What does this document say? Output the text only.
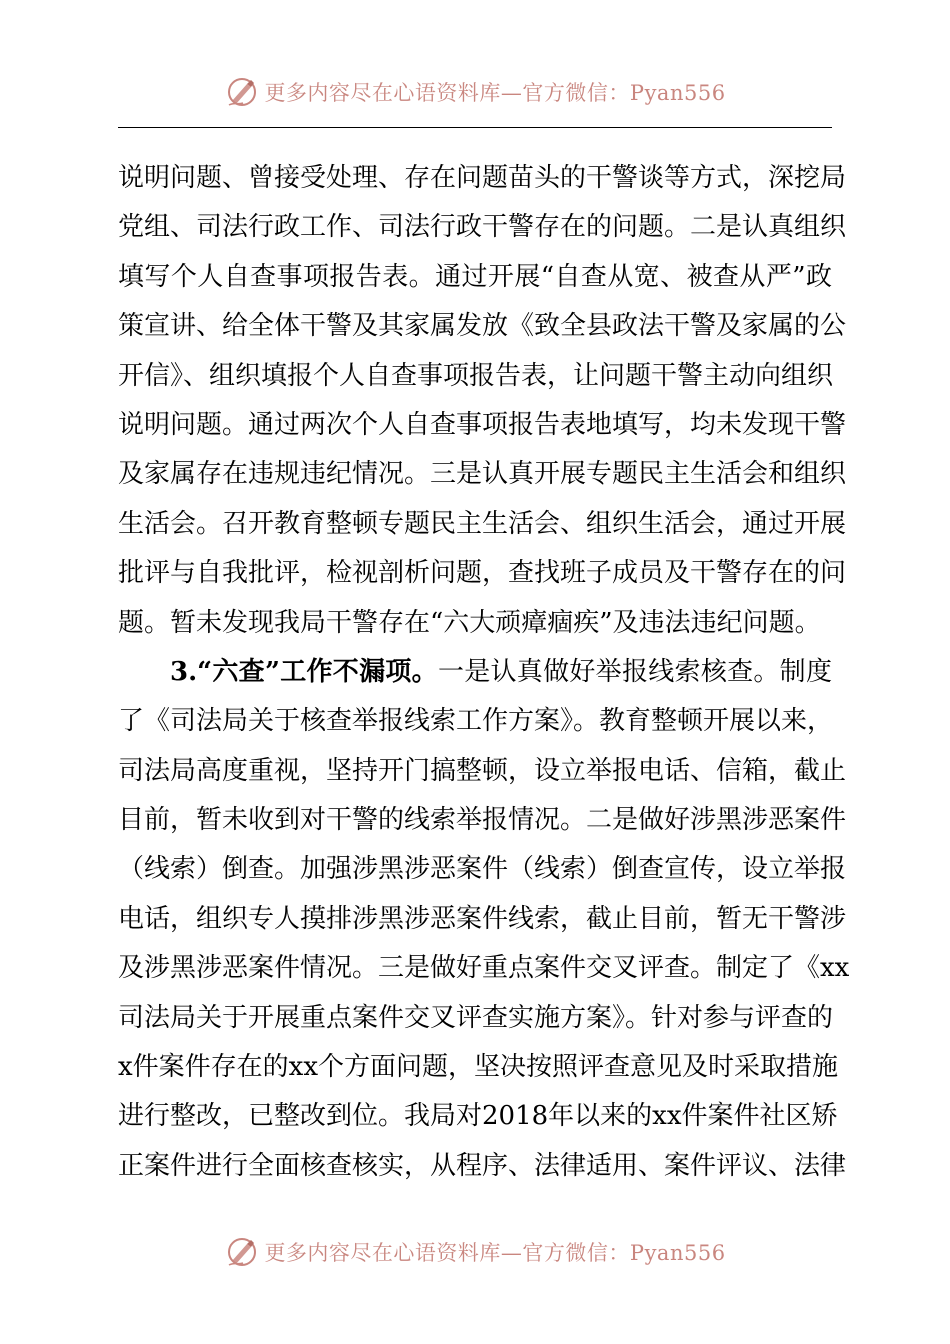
更多内容尽在心语资料库—官方微信：Pyan556
说明问题、曾接受处理、存在问题苗头的干警谈等方式，深挖局
党组、司法行政工作、司法行政干警存在的问题。二是认真组织
填写个人自查事项报告表。通过开展“自查从宽、被查从严”政
策宣讲、给全体干警及其家属发放《致全县政法干警及家属的公
开信》、组织填报个人自查事项报告表，让问题干警主动向组织
说明问题。通过两次个人自查事项报告表地填写，均未发现干警
及家属存在违规违纪情况。三是认真开展专题民主生活会和组织
生活会。召开教育整顿专题民主生活会、组织生活会，通过开展
批评与自我批评，检视剖析问题，查找班子成员及干警存在的问
题。暂未发现我局干警存在“六大顽瘴痼疾”及违法违纪问题。
3.“六查”工作不漏项。一是认真做好举报线索核查。制度
了《司法局关于核查举报线索工作方案》。教育整顿开展以来，
司法局高度重视，坚持开门搞整顿，设立举报电话、信箱，截止
目前，暂未收到对干警的线索举报情况。二是做好涉黑涉恶案件
（线索）倒查。加强涉黑涉恶案件（线索）倒查宣传，设立举报
电话，组织专人摸排涉黑涉恶案件线索，截止目前，暂无干警涉
及涉黑涉恶案件情况。三是做好重点案件交叉评查。制定了《xx
司法局关于开展重点案件交叉评查实施方案》。针对参与评查的
x件案件存在的xx个方面问题，坚决按照评查意见及时采取措施
进行整改，已整改到位。我局对2018年以来的xx件案件社区矫
正案件进行全面核查核实，从程序、法律适用、案件评议、法律
更多内容尽在心语资料库—官方微信：Pyan556
